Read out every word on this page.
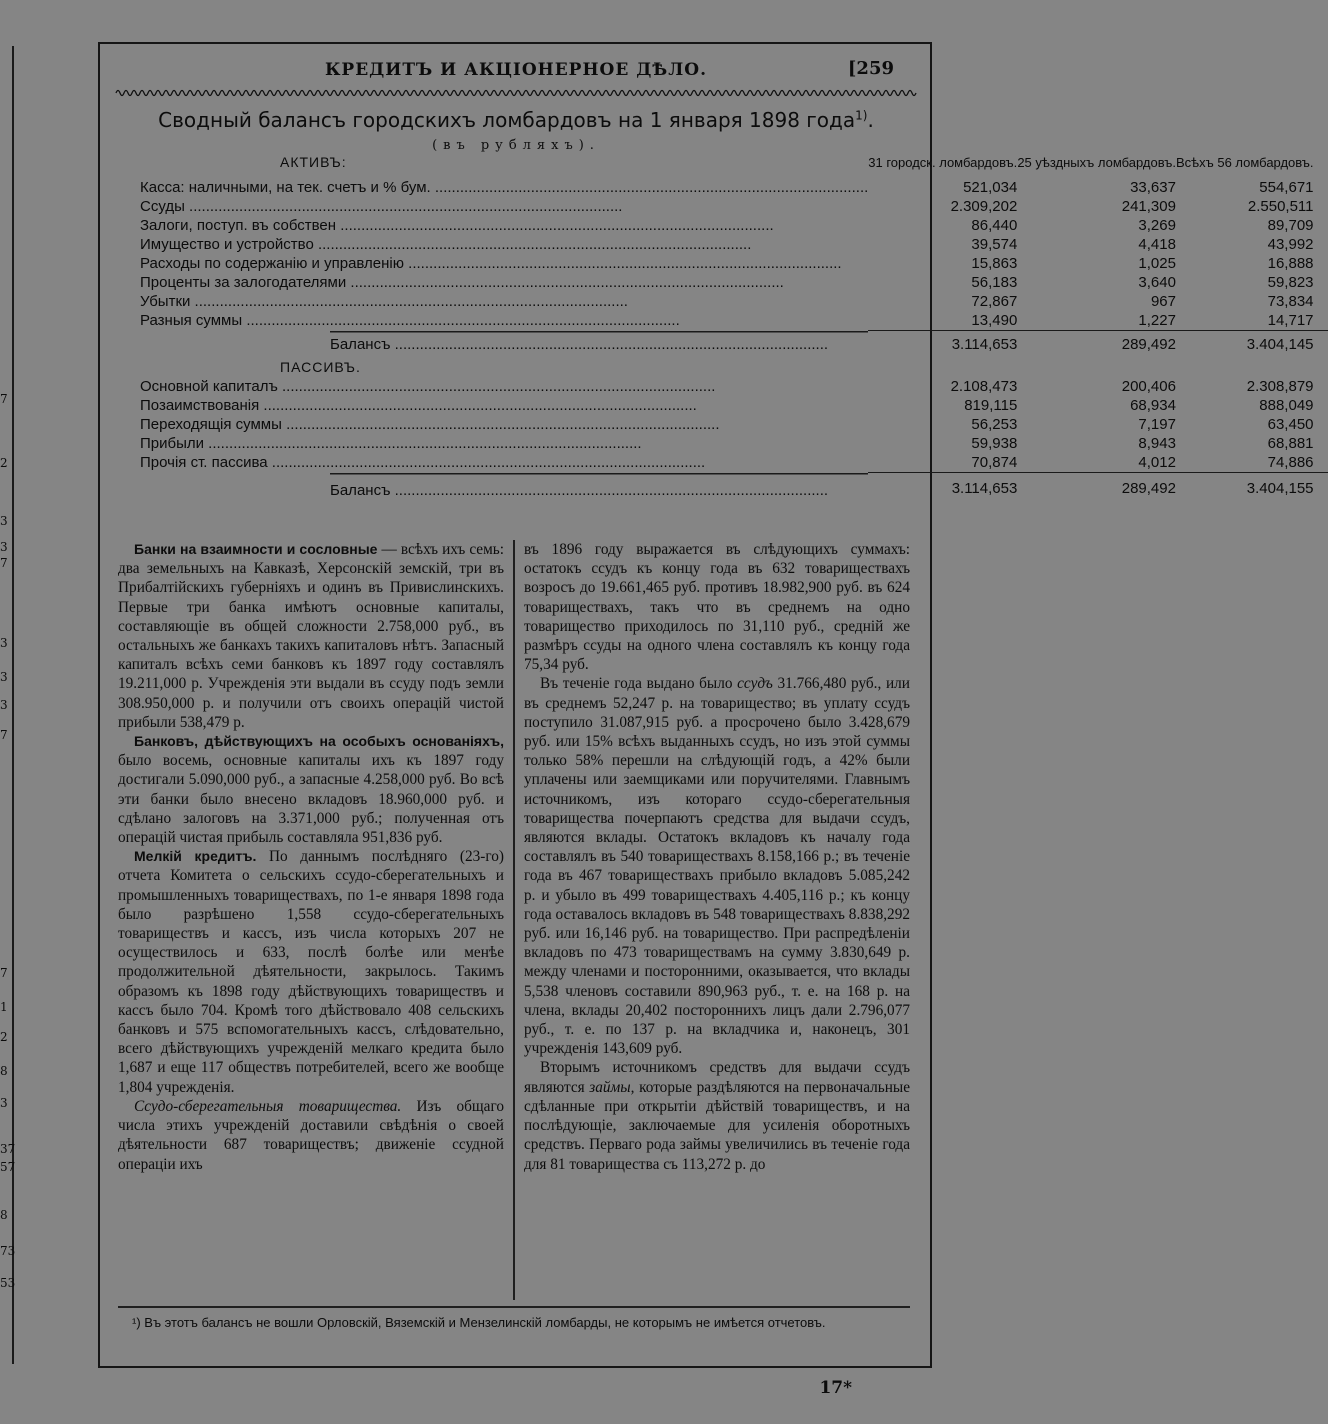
7
2
3
3
7
3
3
3
7
7
1
2
8
3
37
57
8
73
53
КРЕДИТЪ И АКЦІОНЕРНОЕ ДѢЛО.	[259
Сводный балансъ городскихъ ломбардовъ на 1 января 1898 года$^{1)}$.
(въ рубляхъ).
АКТИВЪ:	31 городск. ломбардовъ.	25 уѣздныхъ ломбардовъ.	Всѣхъ 56 ломбардовъ.

Касса: наличными, на тек. счетъ и % бум. .....	521,034	33,637	554,671

Ссуды .....	2.309,202	241,309	2.550,511

Залоги, поступ. въ собствен .....	86,440	3,269	89,709

Имущество и устройство .....	39,574	4,418	43,992

Расходы по содержанію и управленію .....	15,863	1,025	16,888

Проценты за залогодателями .....	56,183	3,640	59,823

Убытки .....	72,867	967	73,834

Разныя суммы .....	13,490	1,227	14,717

Балансъ .....	3.114,653	289,492	3.404,145
ПАССИВЪ.			

Основной капиталъ .....	2.108,473	200,406	2.308,879

Позаимствованія .....	819,115	68,934	888,049

Переходящія суммы .....	56,253	7,197	63,450

Прибыли .....	59,938	8,943	68,881

Прочія ст. пассива .....	70,874	4,012	74,886

Балансъ .....	3.114,653	289,492	3.404,155

Банки на взаимности и сословные — всѣхъ ихъ семь: два земельныхъ на Кавказѣ, Херсонскій земскій, три въ Прибалтійскихъ губерніяхъ и одинъ въ Привислинскихъ. Первые три банка имѣютъ основные капиталы, составляющіе въ общей сложности 2.758,000 руб., въ остальныхъ же банкахъ такихъ капиталовъ нѣтъ. Запасный капиталъ всѣхъ семи банковъ къ 1897 году составлялъ 19.211,000 р. Учрежденія эти выдали въ ссуду подъ земли 308.950,000 р. и получили отъ своихъ операцій чистой прибыли 538,479 р.

Банковъ, дѣйствующихъ на особыхъ основаніяхъ, было восемь, основные капиталы ихъ къ 1897 году достигали 5.090,000 руб., а запасные 4.258,000 руб. Во всѣ эти банки было внесено вкладовъ 18.960,000 руб. и сдѣлано залоговъ на 3.371,000 руб.; полученная отъ операцій чистая прибыль составляла 951,836 руб.

Мелкій кредитъ. По даннымъ послѣдняго (23-го) отчета Комитета о сельскихъ ссудо-сберегательныхъ и промышленныхъ товариществахъ, по 1-е января 1898 года было разрѣшено 1,558 ссудо-сберегательныхъ товариществъ и кассъ, изъ числа которыхъ 207 не осуществилось и 633, послѣ болѣе или менѣе продолжительной дѣятельности, закрылось. Такимъ образомъ къ 1898 году дѣйствующихъ товариществъ и кассъ было 704. Кромѣ того дѣйствовало 408 сельскихъ банковъ и 575 вспомогательныхъ кассъ, слѣдовательно, всего дѣйствующихъ учрежденій мелкаго кредита было 1,687 и еще 117 обществъ потребителей, всего же вообще 1,804 учрежденія.

Ссудо-сберегательныя товарищества. Изъ общаго числа этихъ учрежденій доставили свѣдѣнія о своей дѣятельности 687 товариществъ; движеніе ссудной операціи ихъ

въ 1896 году выражается въ слѣдующихъ суммахъ: остатокъ ссудъ къ концу года въ 632 товариществахъ возросъ до 19.661,465 руб. противъ 18.982,900 руб. въ 624 товариществахъ, такъ что въ среднемъ на одно товарищество приходилось по 31,110 руб., средній же размѣръ ссуды на одного члена составлялъ къ концу года 75,34 руб.

Въ теченіе года выдано было ссудъ 31.766,480 руб., или въ среднемъ 52,247 р. на товарищество; въ уплату ссудъ поступило 31.087,915 руб. а просрочено было 3.428,679 руб. или 15% всѣхъ выданныхъ ссудъ, но изъ этой суммы только 58% перешли на слѣдующій годъ, а 42% были уплачены или заемщиками или поручителями. Главнымъ источникомъ, изъ котораго ссудо-сберегательныя товарищества почерпаютъ средства для выдачи ссудъ, являются вклады. Остатокъ вкладовъ къ началу года составлялъ въ 540 товариществахъ 8.158,166 р.; въ теченіе года въ 467 товариществахъ прибыло вкладовъ 5.085,242 р. и убыло въ 499 товариществахъ 4.405,116 р.; къ концу года оставалось вкладовъ въ 548 товариществахъ 8.838,292 руб. или 16,146 руб. на товарищество. При распредѣленіи вкладовъ по 473 товариществамъ на сумму 3.830,649 р. между членами и посторонними, оказывается, что вклады 5,538 членовъ составили 890,963 руб., т. е. на 168 р. на члена, вклады 20,402 постороннихъ лицъ дали 2.796,077 руб., т. е. по 137 р. на вкладчика и, наконецъ, 301 учрежденія 143,609 руб.

Вторымъ источникомъ средствъ для выдачи ссудъ являются займы, которые раздѣляются на первоначальные сдѣланные при открытіи дѣйствій товариществъ, и на послѣдующіе, заключаемые для усиленія оборотныхъ средствъ. Перваго рода займы увеличились въ теченіе года для 81 товарищества съ 113,272 р. до

¹) Въ этотъ балансъ не вошли Орловскій, Вяземскій и Мензелинскій ломбарды, не которымъ не имѣется отчетовъ.
17*
